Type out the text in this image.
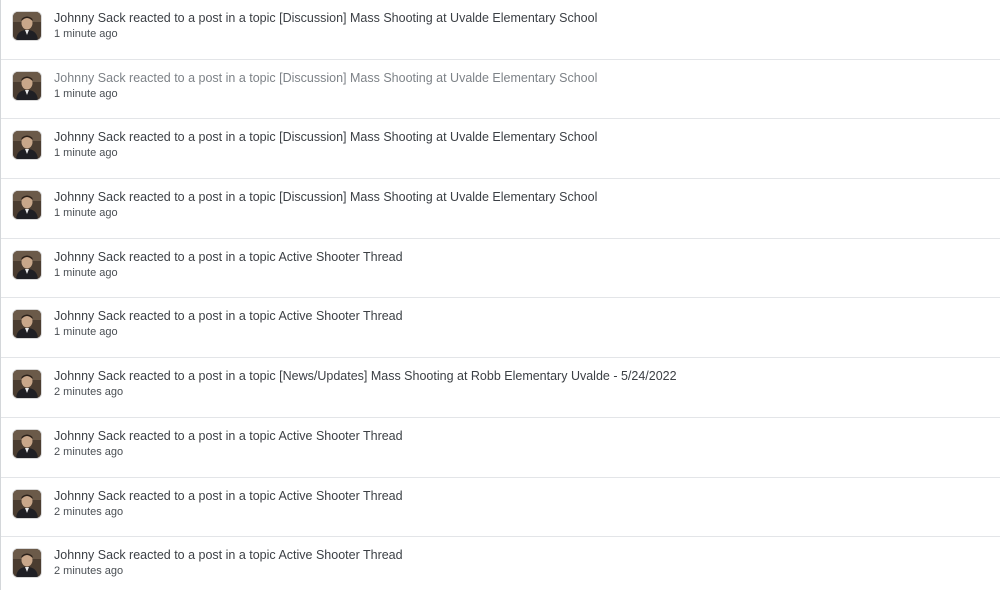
Johnny Sack reacted to a post in a topic [Discussion] Mass Shooting at Uvalde Elementary School
1 minute ago
Johnny Sack reacted to a post in a topic [Discussion] Mass Shooting at Uvalde Elementary School
1 minute ago
Johnny Sack reacted to a post in a topic [Discussion] Mass Shooting at Uvalde Elementary School
1 minute ago
Johnny Sack reacted to a post in a topic [Discussion] Mass Shooting at Uvalde Elementary School
1 minute ago
Johnny Sack reacted to a post in a topic Active Shooter Thread
1 minute ago
Johnny Sack reacted to a post in a topic Active Shooter Thread
1 minute ago
Johnny Sack reacted to a post in a topic [News/Updates] Mass Shooting at Robb Elementary Uvalde - 5/24/2022
2 minutes ago
Johnny Sack reacted to a post in a topic Active Shooter Thread
2 minutes ago
Johnny Sack reacted to a post in a topic Active Shooter Thread
2 minutes ago
Johnny Sack reacted to a post in a topic Active Shooter Thread
2 minutes ago
